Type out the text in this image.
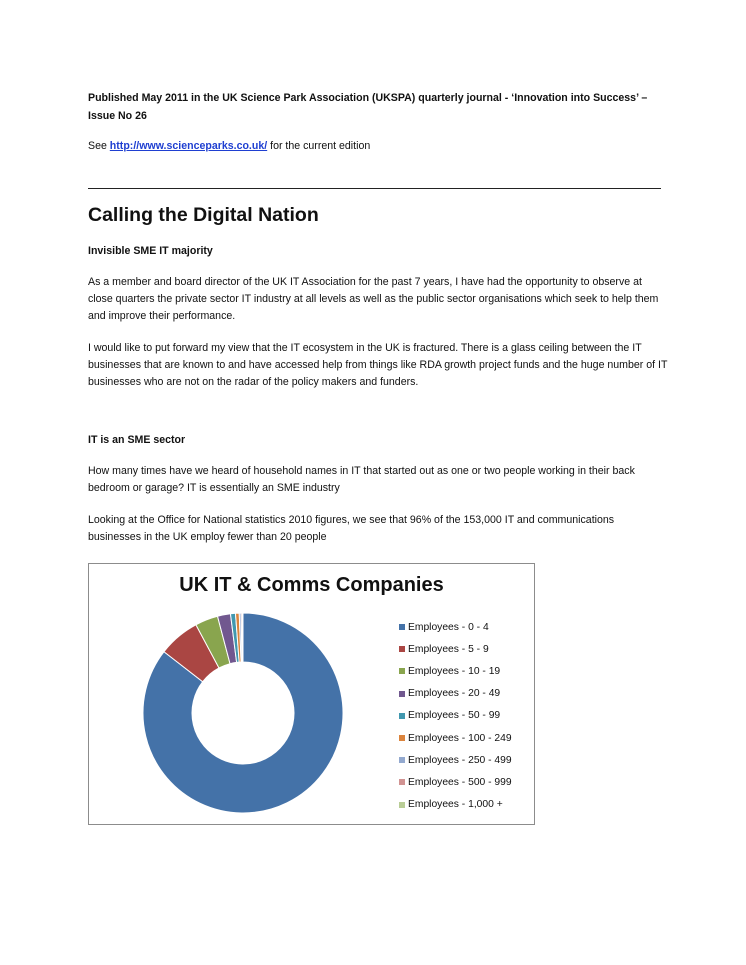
Published May 2011 in the UK Science Park Association (UKSPA) quarterly journal - ‘Innovation into Success’ – Issue No 26
See http://www.scienceparks.co.uk/ for the current edition
Calling the Digital Nation
Invisible SME IT majority
As a member and board director of the UK IT Association for the past 7 years, I have had the opportunity to observe at close quarters the private sector IT industry at all levels as well as the public sector organisations which seek to help them and improve their performance.
I would like to put forward my view that the IT ecosystem in the UK is fractured. There is a glass ceiling between the IT businesses that are known to and have accessed help from things like RDA growth project funds and the huge number of IT businesses who are not on the radar of the policy makers and funders.
IT is an SME sector
How many times have we heard of household names in IT that started out as one or two people working in their back bedroom or garage? IT is essentially an SME industry
Looking at the Office for National statistics 2010 figures, we see that 96% of the 153,000 IT and communications businesses in the UK employ fewer than 20 people
UK IT & Comms Companies
Employees - 0 - 4
Employees - 5 - 9
Employees - 10 - 19
Employees - 20 - 49
Employees - 50 - 99
Employees - 100 - 249
Employees - 250 - 499
Employees - 500 - 999
Employees - 1,000 +
